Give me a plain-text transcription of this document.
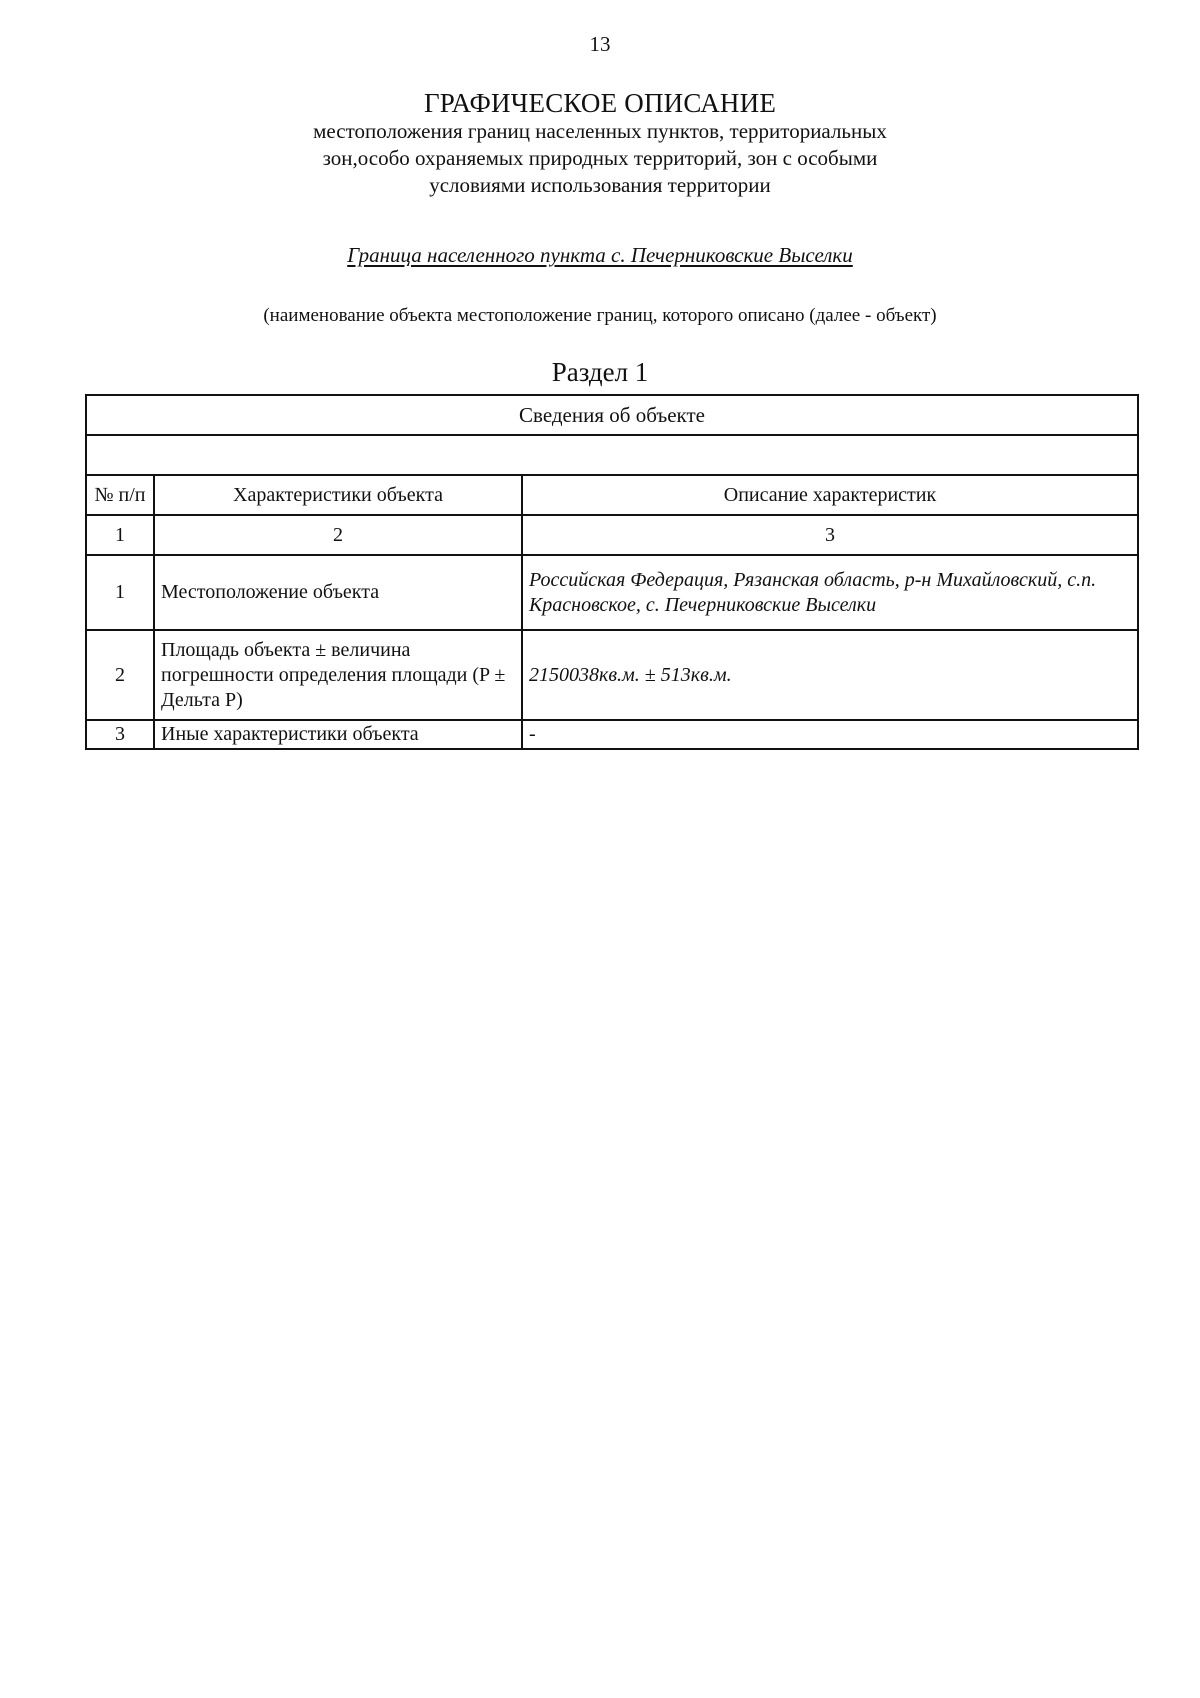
13
ГРАФИЧЕСКОЕ ОПИСАНИЕ
местоположения границ населенных пунктов, территориальных
зон,особо охраняемых природных территорий, зон с особыми
условиями использования территории
Граница населенного пункта с. Печерниковские Выселки
(наименование объекта местоположение границ, которого описано (далее - объект)
Раздел 1
Сведения об объекте		

№ п/п	Характеристики объекта	Описание характеристик
1	2	3
1	Местоположение объекта	Российская Федерация, Рязанская область, р-н Михайловский, с.п. Красновское, с. Печерниковские Выселки
2	Площадь объекта ± величина погрешности определения площади (P ± Дельта P)	2150038кв.м. ± 513кв.м.
3	Иные характеристики объекта	-
